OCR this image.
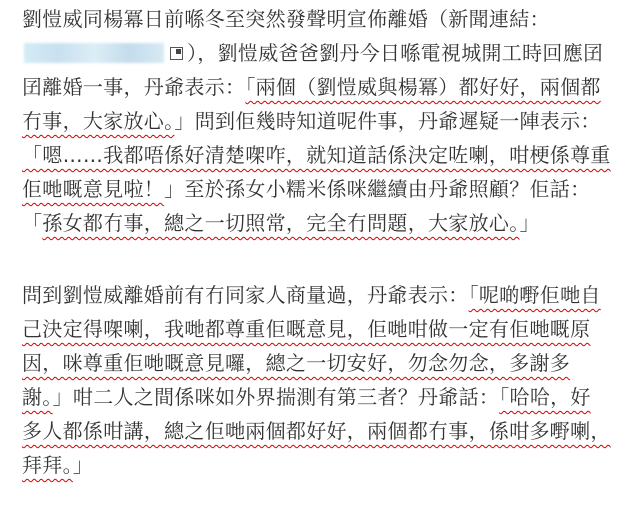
劉愷威同楊冪日前喺冬至突然發聲明宣佈離婚（新聞連結：
），劉愷威爸爸劉丹今日喺電視城開工時回應囝
囝離婚一事，丹爺表示：「兩個（劉愷威與楊冪）都好好，兩個都
冇事，大家放心。」問到佢幾時知道呢件事，丹爺遲疑一陣表示：
「嗯……我都唔係好清楚㗎咋，就知道話係決定咗喇，咁梗係尊重
佢哋嘅意見啦！」至於孫女小糯米係咪繼續由丹爺照顧？佢話：
「孫女都冇事，總之一切照常，完全冇問題，大家放心。」
問到劉愷威離婚前有冇同家人商量過，丹爺表示：「呢啲嘢佢哋自
己決定得㗎喇，我哋都尊重佢嘅意見，佢哋咁做一定有佢哋嘅原
因，咪尊重佢哋嘅意見囉，總之一切安好，勿念勿念，多謝多
謝。」咁二人之間係咪如外界揣測有第三者？丹爺話：「哈哈，好
多人都係咁講，總之佢哋兩個都好好，兩個都冇事，係咁多嘢喇，
拜拜。」
